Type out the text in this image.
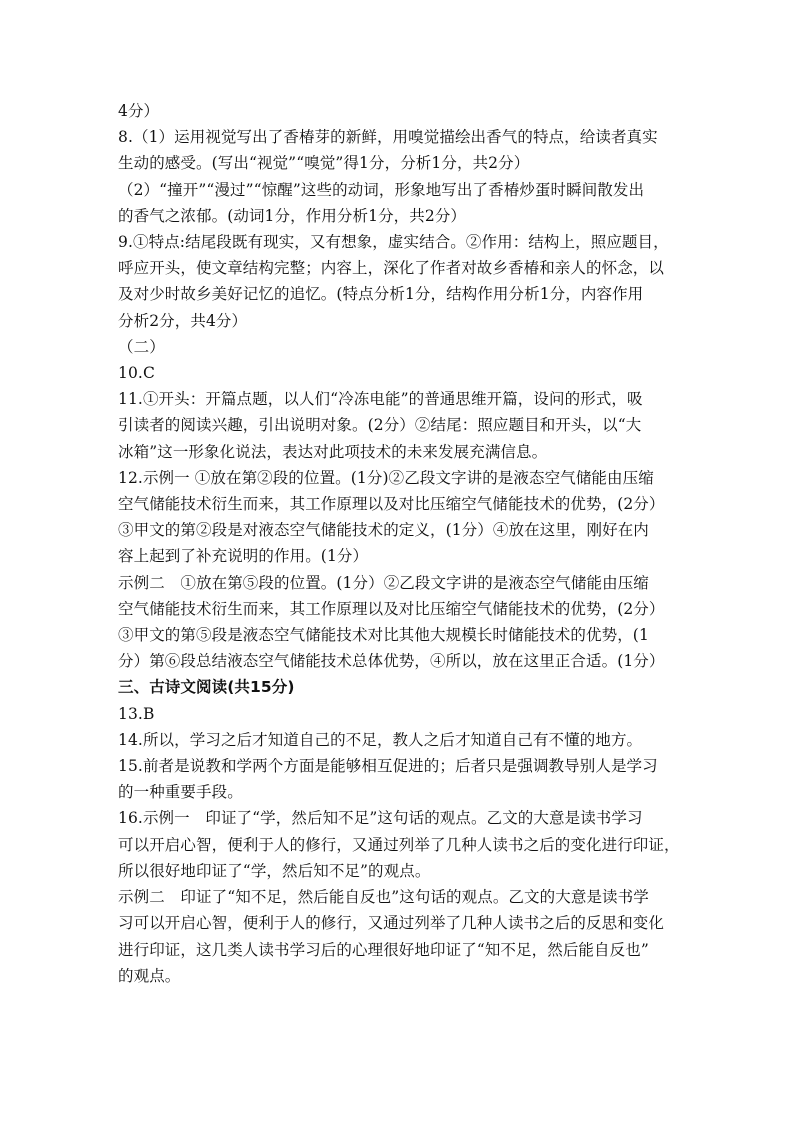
4分）
8.（1）运用视觉写出了香椿芽的新鲜，用嗅觉描绘出香气的特点，给读者真实
生动的感受。(写出“视觉”“嗅觉”得1分，分析1分，共2分）
（2）“撞开”“漫过”“惊醒”这些的动词，形象地写出了香椿炒蛋时瞬间散发出
的香气之浓郁。(动词1分，作用分析1分，共2分）
9.①特点:结尾段既有现实，又有想象，虚实结合。②作用：结构上，照应题目，
呼应开头，使文章结构完整；内容上，深化了作者对故乡香椿和亲人的怀念，以
及对少时故乡美好记忆的追忆。(特点分析1分，结构作用分析1分，内容作用
分析2分，共4分）
（二）
10.C
11.①开头：开篇点题，以人们“冷冻电能”的普通思维开篇，设问的形式，吸
引读者的阅读兴趣，引出说明对象。(2分）②结尾：照应题目和开头，以“大
冰箱”这一形象化说法，表达对此项技术的未来发展充满信息。
12.示例一 ①放在第②段的位置。(1分)②乙段文字讲的是液态空气储能由压缩
空气储能技术衍生而来，其工作原理以及对比压缩空气储能技术的优势，(2分）
③甲文的第②段是对液态空气储能技术的定义，(1分）④放在这里，刚好在内
容上起到了补充说明的作用。(1分）
示例二　①放在第⑤段的位置。(1分）②乙段文字讲的是液态空气储能由压缩
空气储能技术衍生而来，其工作原理以及对比压缩空气储能技术的优势，(2分）
③甲文的第⑤段是液态空气储能技术对比其他大规模长时储能技术的优势，(1
分）第⑥段总结液态空气储能技术总体优势，④所以，放在这里正合适。(1分）
三、古诗文阅读(共15分)
13.B
14.所以，学习之后才知道自己的不足，教人之后才知道自己有不懂的地方。
15.前者是说教和学两个方面是能够相互促进的；后者只是强调教导别人是学习
的一种重要手段。
16.示例一　印证了“学，然后知不足”这句话的观点。乙文的大意是读书学习
可以开启心智，便利于人的修行，又通过列举了几种人读书之后的变化进行印证，
所以很好地印证了“学，然后知不足”的观点。
示例二　印证了“知不足，然后能自反也”这句话的观点。乙文的大意是读书学
习可以开启心智，便利于人的修行，又通过列举了几种人读书之后的反思和变化
进行印证，这几类人读书学习后的心理很好地印证了“知不足，然后能自反也”
的观点。
